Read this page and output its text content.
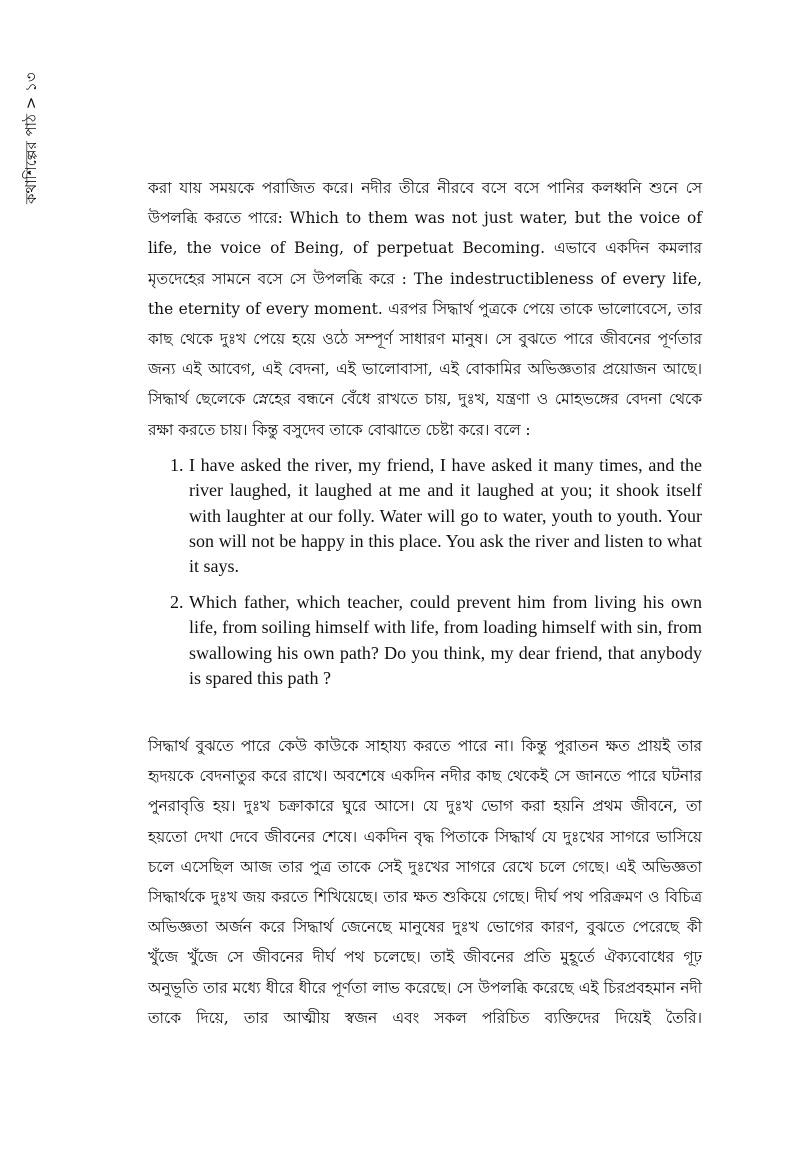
কথাশিল্পের পাঠ > ১৩	করা যায় সময়কে পরাজিত করে। নদীর তীরে নীরবে বসে বসে পানির কলধ্বনি শুনে সে উপলব্ধি করতে পারে: Which to them was not just water, but the voice of life, the voice of Being, of perpetuat Becoming. এভাবে একদিন কমলার মৃতদেহের সামনে বসে সে উপলব্ধি করে : The indestructibleness of every life, the eternity of every moment. এরপর সিদ্ধার্থ পুত্রকে পেয়ে তাকে ভালোবেসে, তার কাছ থেকে দুঃখ পেয়ে হয়ে ওঠে সম্পূর্ণ সাধারণ মানুষ। সে বুঝতে পারে জীবনের পূর্ণতার জন্য এই আবেগ, এই বেদনা, এই ভালোবাসা, এই বোকামির অভিজ্ঞতার প্রয়োজন আছে। সিদ্ধার্থ ছেলেকে স্নেহের বন্ধনে বেঁধে রাখতে চায়, দুঃখ, যন্ত্রণা ও মোহভঙ্গের বেদনা থেকে রক্ষা করতে চায়। কিন্তু বসুদেব তাকে বোঝাতে চেষ্টা করে। বলে :

1. I have asked the river, my friend, I have asked it many times, and the river laughed, it laughed at me and it laughed at you; it shook itself with laughter at our folly. Water will go to water, youth to youth. Your son will not be happy in this place. You ask the river and listen to what it says.
2. Which father, which teacher, could prevent him from living his own life, from soiling himself with life, from loading himself with sin, from swallowing his own path? Do you think, my dear friend, that anybody is spared this path ?

সিদ্ধার্থ বুঝতে পারে কেউ কাউকে সাহায্য করতে পারে না। কিন্তু পুরাতন ক্ষত প্রায়ই তার হৃদয়কে বেদনাতুর করে রাখে। অবশেষে একদিন নদীর কাছ থেকেই সে জানতে পারে ঘটনার পুনরাবৃত্তি হয়। দুঃখ চক্রাকারে ঘুরে আসে। যে দুঃখ ভোগ করা হয়নি প্রথম জীবনে, তা হয়তো দেখা দেবে জীবনের শেষে। একদিন বৃদ্ধ পিতাকে সিদ্ধার্থ যে দুঃখের সাগরে ভাসিয়ে চলে এসেছিল আজ তার পুত্র তাকে সেই দুঃখের সাগরে রেখে চলে গেছে। এই অভিজ্ঞতা সিদ্ধার্থকে দুঃখ জয় করতে শিখিয়েছে। তার ক্ষত শুকিয়ে গেছে। দীর্ঘ পথ পরিক্রমণ ও বিচিত্র অভিজ্ঞতা অর্জন করে সিদ্ধার্থ জেনেছে মানুষের দুঃখ ভোগের কারণ, বুঝতে পেরেছে কী খুঁজে খুঁজে সে জীবনের দীর্ঘ পথ চলেছে। তাই জীবনের প্রতি মুহূর্তে ঐক্যবোধের গূঢ় অনুভূতি তার মধ্যে ধীরে ধীরে পূর্ণতা লাভ করেছে। সে উপলব্ধি করেছে এই চিরপ্রবহমান নদী তাকে দিয়ে, তার আত্মীয় স্বজন এবং সকল পরিচিত ব্যক্তিদের দিয়েই তৈরি।
